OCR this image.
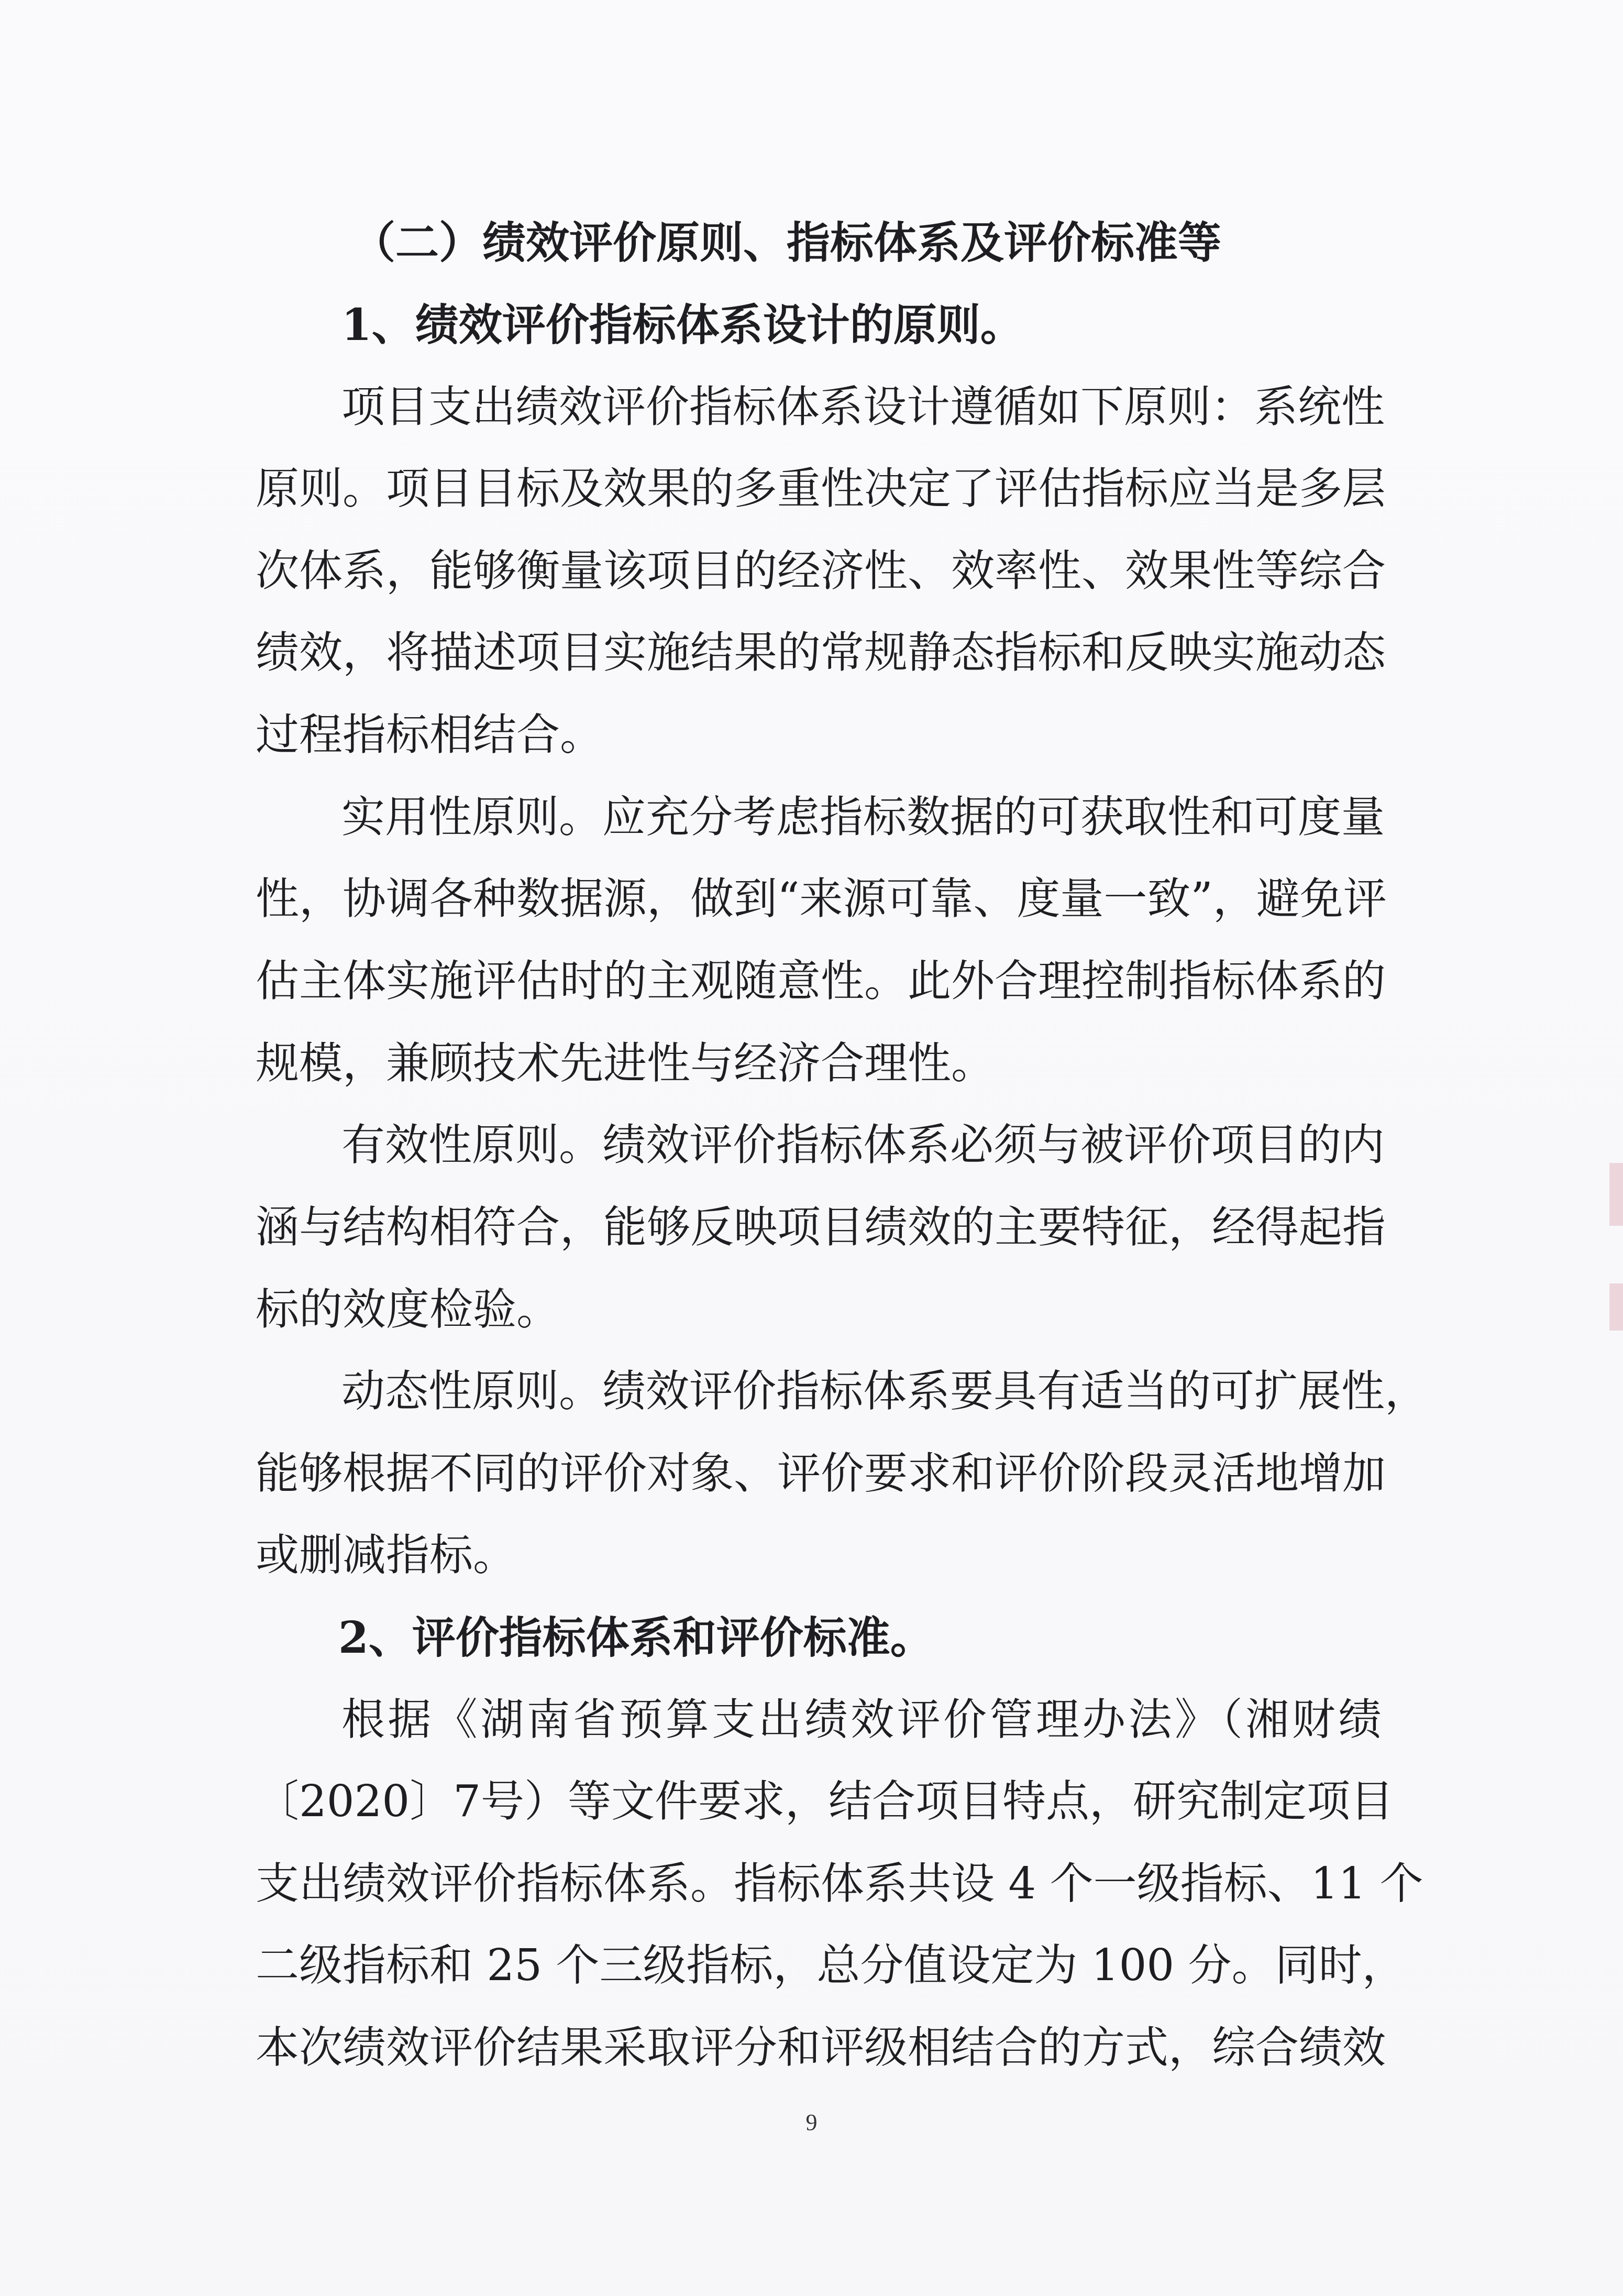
（二）绩效评价原则、指标体系及评价标准等
1、绩效评价指标体系设计的原则。
项目支出绩效评价指标体系设计遵循如下原则：系统性
原则。项目目标及效果的多重性决定了评估指标应当是多层
次体系，能够衡量该项目的经济性、效率性、效果性等综合
绩效，将描述项目实施结果的常规静态指标和反映实施动态
过程指标相结合。
实用性原则。应充分考虑指标数据的可获取性和可度量
性，协调各种数据源，做到“来源可靠、度量一致”，避免评
估主体实施评估时的主观随意性。此外合理控制指标体系的
规模，兼顾技术先进性与经济合理性。
有效性原则。绩效评价指标体系必须与被评价项目的内
涵与结构相符合，能够反映项目绩效的主要特征，经得起指
标的效度检验。
动态性原则。绩效评价指标体系要具有适当的可扩展性，
能够根据不同的评价对象、评价要求和评价阶段灵活地增加
或删减指标。
2、评价指标体系和评价标准。
根据《湖南省预算支出绩效评价管理办法》（湘财绩
〔2020〕7号）等文件要求，结合项目特点，研究制定项目
支出绩效评价指标体系。指标体系共设 4 个一级指标、11 个
二级指标和 25 个三级指标，总分值设定为 100 分。同时，
本次绩效评价结果采取评分和评级相结合的方式，综合绩效
9
